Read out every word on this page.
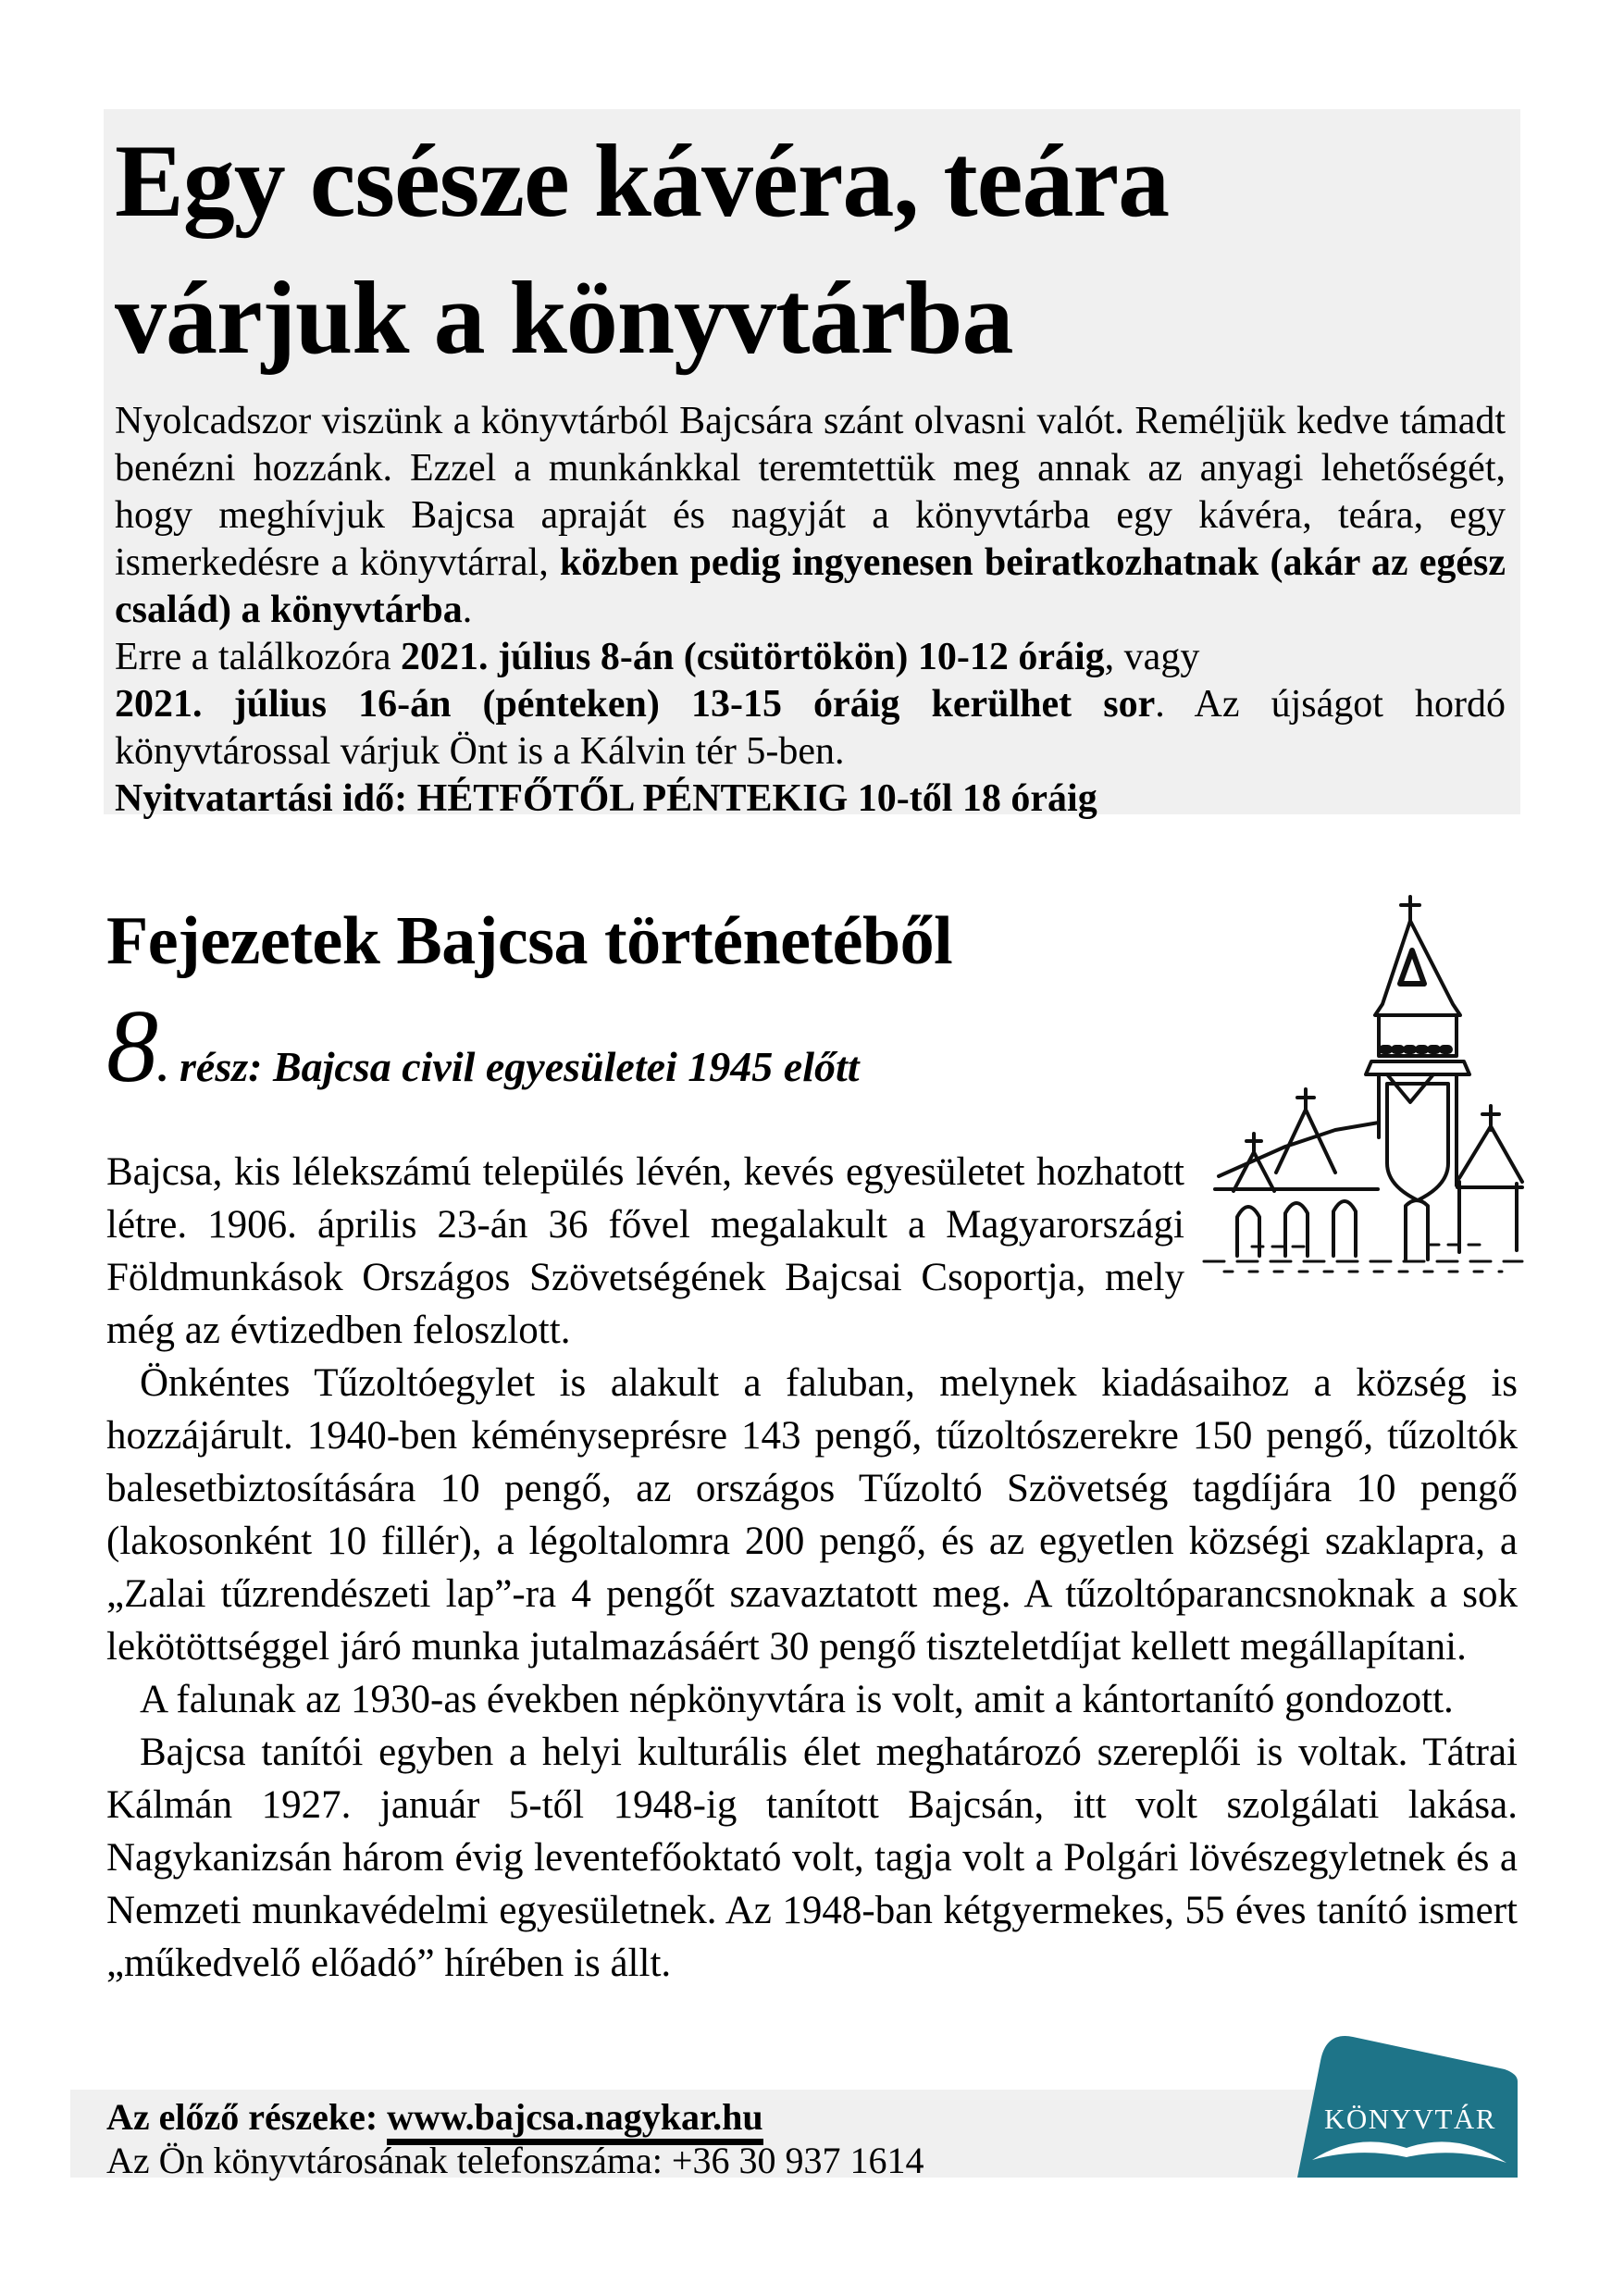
Egy csésze kávéra, teára
várjuk a könyvtárba
Nyolcadszor viszünk a könyvtárból Bajcsára szánt olvasni valót. Reméljük kedve támadt benézni hozzánk. Ezzel a munkánkkal teremtettük meg annak az anyagi lehetőségét, hogy meghívjuk Bajcsa apraját és nagyját a könyvtárba egy kávéra, teára, egy ismerkedésre a könyvtárral, közben pedig ingyenesen beiratkozhatnak (akár az egész család) a könyvtárba.
Erre a találkozóra 2021. július 8-án (csütörtökön) 10-12 óráig, vagy
2021. július 16-án (pénteken) 13-15 óráig kerülhet sor. Az újságot hordó könyvtárossal várjuk Önt is a Kálvin tér 5-ben.
Nyitvatartási idő: HÉTFŐTŐL PÉNTEKIG 10-től 18 óráig
Fejezetek Bajcsa történetéből
8. rész: Bajcsa civil egyesületei 1945 előtt

Bajcsa, kis lélekszámú település lévén, kevés egyesületet hozhatott létre. 1906. április 23-án 36 fővel megalakult a Magyarországi Földmunkások Országos Szövetségének Bajcsai Csoportja, mely még az évtizedben feloszlott.

Önkéntes Tűzoltóegylet is alakult a faluban, melynek kiadásaihoz a község is hozzájárult. 1940-ben kéményseprésre 143 pengő, tűzoltószerekre 150 pengő, tűzoltók balesetbiztosítására 10 pengő, az országos Tűzoltó Szövetség tagdíjára 10 pengő (lakosonként 10 fillér), a légoltalomra 200 pengő, és az egyetlen községi szaklapra, a „Zalai tűzrendészeti lap”-ra 4 pengőt szavaztatott meg. A tűzoltóparancsnoknak a sok lekötöttséggel járó munka jutalmazásáért 30 pengő tiszteletdíjat kellett megállapítani.

A falunak az 1930-as években népkönyvtára is volt, amit a kántortanító gondozott.

Bajcsa tanítói egyben a helyi kulturális élet meghatározó szereplői is voltak. Tátrai Kálmán 1927. január 5-től 1948-ig tanított Bajcsán, itt volt szolgálati lakása. Nagykanizsán három évig leventefőoktató volt, tagja volt a Polgári lövészegyletnek és a Nemzeti munkavédelmi egyesületnek. Az 1948-ban kétgyermekes, 55 éves tanító ismert „műkedvelő előadó” hírében is állt.

Az előző részeke: www.bajcsa.nagykar.hu
Az Ön könyvtárosának telefonszáma: +36 30 937 1614
KÖNYVTÁR
